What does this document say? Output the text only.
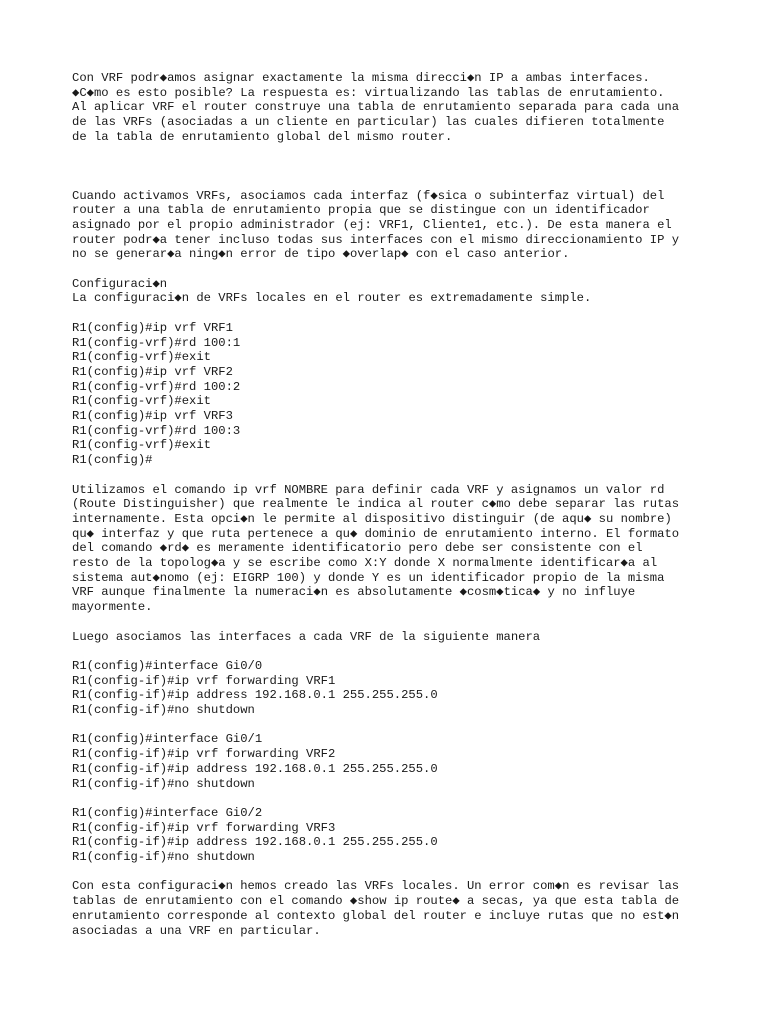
Con VRF podr◆amos asignar exactamente la misma direcci◆n IP a ambas interfaces.
◆C◆mo es esto posible? La respuesta es: virtualizando las tablas de enrutamiento.
Al aplicar VRF el router construye una tabla de enrutamiento separada para cada una
de las VRFs (asociadas a un cliente en particular) las cuales difieren totalmente
de la tabla de enrutamiento global del mismo router.

Cuando activamos VRFs, asociamos cada interfaz (f◆sica o subinterfaz virtual) del
router a una tabla de enrutamiento propia que se distingue con un identificador
asignado por el propio administrador (ej: VRF1, Cliente1, etc.). De esta manera el
router podr◆a tener incluso todas sus interfaces con el mismo direccionamiento IP y
no se generar◆a ning◆n error de tipo ◆overlap◆ con el caso anterior.

Configuraci◆n
La configuraci◆n de VRFs locales en el router es extremadamente simple.

R1(config)#ip vrf VRF1
R1(config-vrf)#rd 100:1
R1(config-vrf)#exit
R1(config)#ip vrf VRF2
R1(config-vrf)#rd 100:2
R1(config-vrf)#exit
R1(config)#ip vrf VRF3
R1(config-vrf)#rd 100:3
R1(config-vrf)#exit
R1(config)#

Utilizamos el comando ip vrf NOMBRE para definir cada VRF y asignamos un valor rd
(Route Distinguisher) que realmente le indica al router c◆mo debe separar las rutas
internamente. Esta opci◆n le permite al dispositivo distinguir (de aqu◆ su nombre)
qu◆ interfaz y que ruta pertenece a qu◆ dominio de enrutamiento interno. El formato
del comando ◆rd◆ es meramente identificatorio pero debe ser consistente con el
resto de la topolog◆a y se escribe como X:Y donde X normalmente identificar◆a al
sistema aut◆nomo (ej: EIGRP 100) y donde Y es un identificador propio de la misma
VRF aunque finalmente la numeraci◆n es absolutamente ◆cosm◆tica◆ y no influye
mayormente.

Luego asociamos las interfaces a cada VRF de la siguiente manera

R1(config)#interface Gi0/0
R1(config-if)#ip vrf forwarding VRF1
R1(config-if)#ip address 192.168.0.1 255.255.255.0
R1(config-if)#no shutdown

R1(config)#interface Gi0/1
R1(config-if)#ip vrf forwarding VRF2
R1(config-if)#ip address 192.168.0.1 255.255.255.0
R1(config-if)#no shutdown

R1(config)#interface Gi0/2
R1(config-if)#ip vrf forwarding VRF3
R1(config-if)#ip address 192.168.0.1 255.255.255.0
R1(config-if)#no shutdown

Con esta configuraci◆n hemos creado las VRFs locales. Un error com◆n es revisar las
tablas de enrutamiento con el comando ◆show ip route◆ a secas, ya que esta tabla de
enrutamiento corresponde al contexto global del router e incluye rutas que no est◆n
asociadas a una VRF en particular.
